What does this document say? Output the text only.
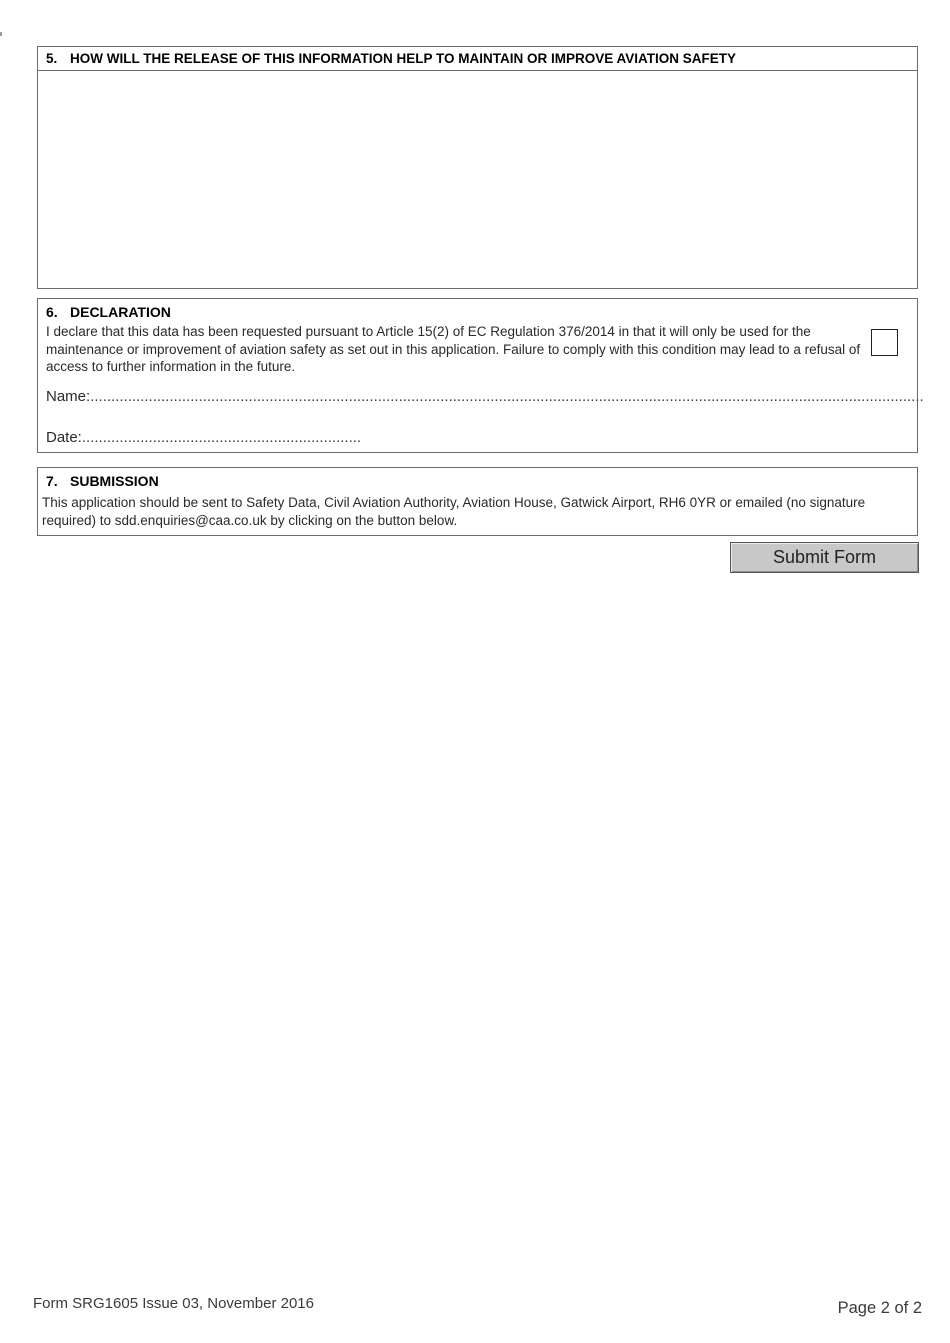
5. HOW WILL THE RELEASE OF THIS INFORMATION HELP TO MAINTAIN OR IMPROVE AVIATION SAFETY
6. DECLARATION
I declare that this data has been requested pursuant to Article 15(2) of EC Regulation 376/2014 in that it will only be used for the maintenance or improvement of aviation safety as set out in this application. Failure to comply with this condition may lead to a refusal of access to further information in the future.
Name: ........................................................................................................................................................................................................
Date: ...................................................................
7. SUBMISSION
This application should be sent to Safety Data, Civil Aviation Authority, Aviation House, Gatwick Airport, RH6 0YR or emailed (no signature required) to sdd.enquiries@caa.co.uk by clicking on the button below.
Submit Form
Form SRG1605 Issue 03, November 2016	Page 2 of 2
